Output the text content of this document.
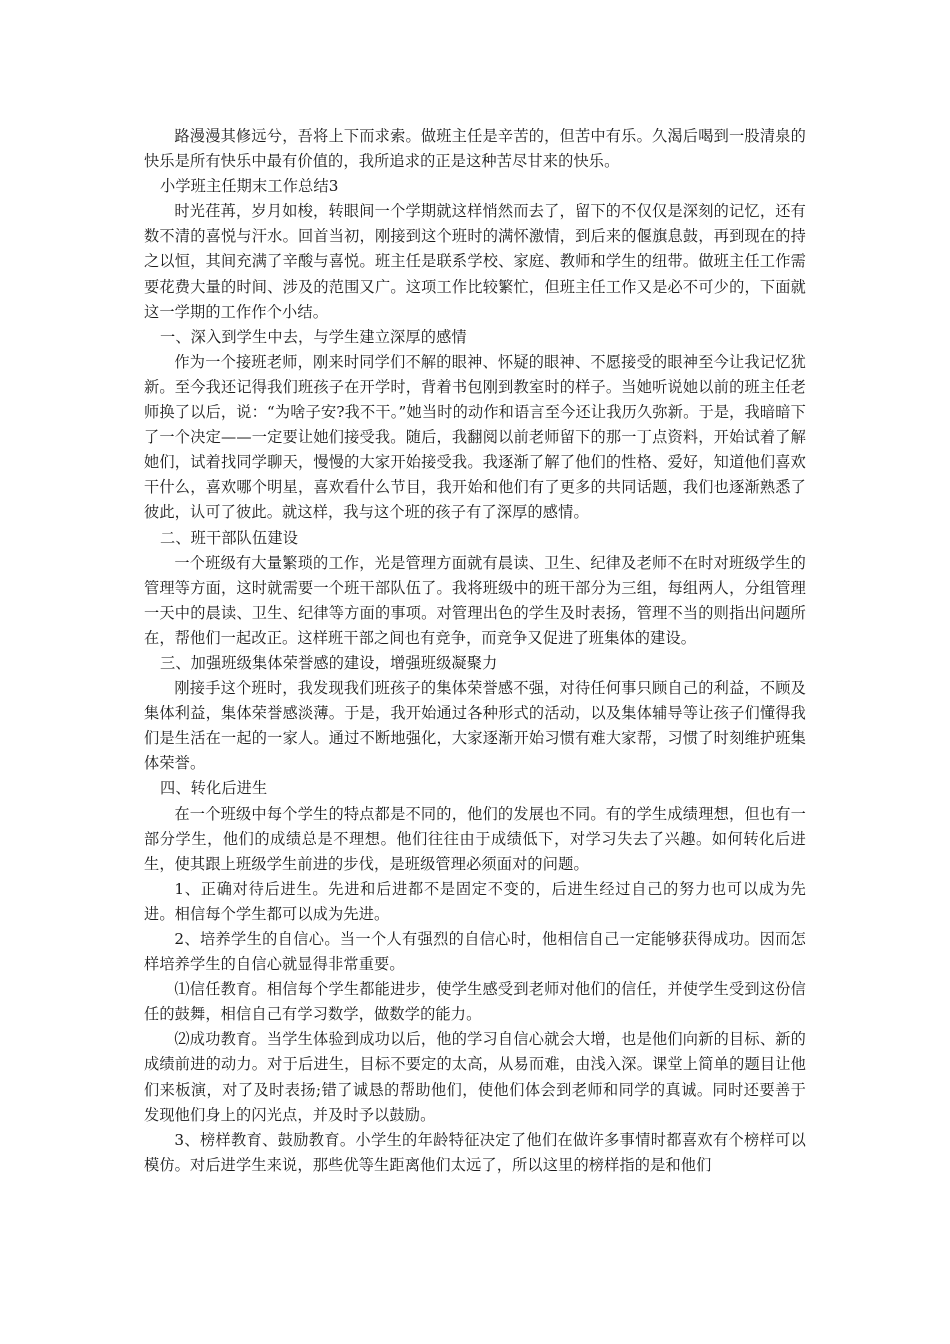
路漫漫其修远兮，吾将上下而求索。做班主任是辛苦的，但苦中有乐。久渴后喝到一股清泉的快乐是所有快乐中最有价值的，我所追求的正是这种苦尽甘来的快乐。

小学班主任期末工作总结3

时光荏苒，岁月如梭，转眼间一个学期就这样悄然而去了，留下的不仅仅是深刻的记忆，还有数不清的喜悦与汗水。回首当初，刚接到这个班时的满怀激情，到后来的偃旗息鼓，再到现在的持之以恒，其间充满了辛酸与喜悦。班主任是联系学校、家庭、教师和学生的纽带。做班主任工作需要花费大量的时间、涉及的范围又广。这项工作比较繁忙，但班主任工作又是必不可少的，下面就这一学期的工作作个小结。

一、深入到学生中去，与学生建立深厚的感情

作为一个接班老师，刚来时同学们不解的眼神、怀疑的眼神、不愿接受的眼神至今让我记忆犹新。至今我还记得我们班孩子在开学时，背着书包刚到教室时的样子。当她听说她以前的班主任老师换了以后，说：“为啥子安?我不干。”她当时的动作和语言至今还让我历久弥新。于是，我暗暗下了一个决定——一定要让她们接受我。随后，我翻阅以前老师留下的那一丁点资料，开始试着了解她们，试着找同学聊天，慢慢的大家开始接受我。我逐渐了解了他们的性格、爱好，知道他们喜欢干什么，喜欢哪个明星，喜欢看什么节目，我开始和他们有了更多的共同话题，我们也逐渐熟悉了彼此，认可了彼此。就这样，我与这个班的孩子有了深厚的感情。

二、班干部队伍建设

一个班级有大量繁琐的工作，光是管理方面就有晨读、卫生、纪律及老师不在时对班级学生的管理等方面，这时就需要一个班干部队伍了。我将班级中的班干部分为三组，每组两人，分组管理一天中的晨读、卫生、纪律等方面的事项。对管理出色的学生及时表扬，管理不当的则指出问题所在，帮他们一起改正。这样班干部之间也有竞争，而竞争又促进了班集体的建设。

三、加强班级集体荣誉感的建设，增强班级凝聚力

刚接手这个班时，我发现我们班孩子的集体荣誉感不强，对待任何事只顾自己的利益，不顾及集体利益，集体荣誉感淡薄。于是，我开始通过各种形式的活动，以及集体辅导等让孩子们懂得我们是生活在一起的一家人。通过不断地强化，大家逐渐开始习惯有难大家帮，习惯了时刻维护班集体荣誉。

四、转化后进生

在一个班级中每个学生的特点都是不同的，他们的发展也不同。有的学生成绩理想，但也有一部分学生，他们的成绩总是不理想。他们往往由于成绩低下，对学习失去了兴趣。如何转化后进生，使其跟上班级学生前进的步伐，是班级管理必须面对的问题。

1、正确对待后进生。先进和后进都不是固定不变的，后进生经过自己的努力也可以成为先进。相信每个学生都可以成为先进。

2、培养学生的自信心。当一个人有强烈的自信心时，他相信自己一定能够获得成功。因而怎样培养学生的自信心就显得非常重要。

⑴信任教育。相信每个学生都能进步，使学生感受到老师对他们的信任，并使学生受到这份信任的鼓舞，相信自己有学习数学，做数学的能力。

⑵成功教育。当学生体验到成功以后，他的学习自信心就会大增，也是他们向新的目标、新的成绩前进的动力。对于后进生，目标不要定的太高，从易而难，由浅入深。课堂上简单的题目让他们来板演，对了及时表扬;错了诚恳的帮助他们，使他们体会到老师和同学的真诚。同时还要善于发现他们身上的闪光点，并及时予以鼓励。

3、榜样教育、鼓励教育。小学生的年龄特征决定了他们在做许多事情时都喜欢有个榜样可以模仿。对后进学生来说，那些优等生距离他们太远了，所以这里的榜样指的是和他们
